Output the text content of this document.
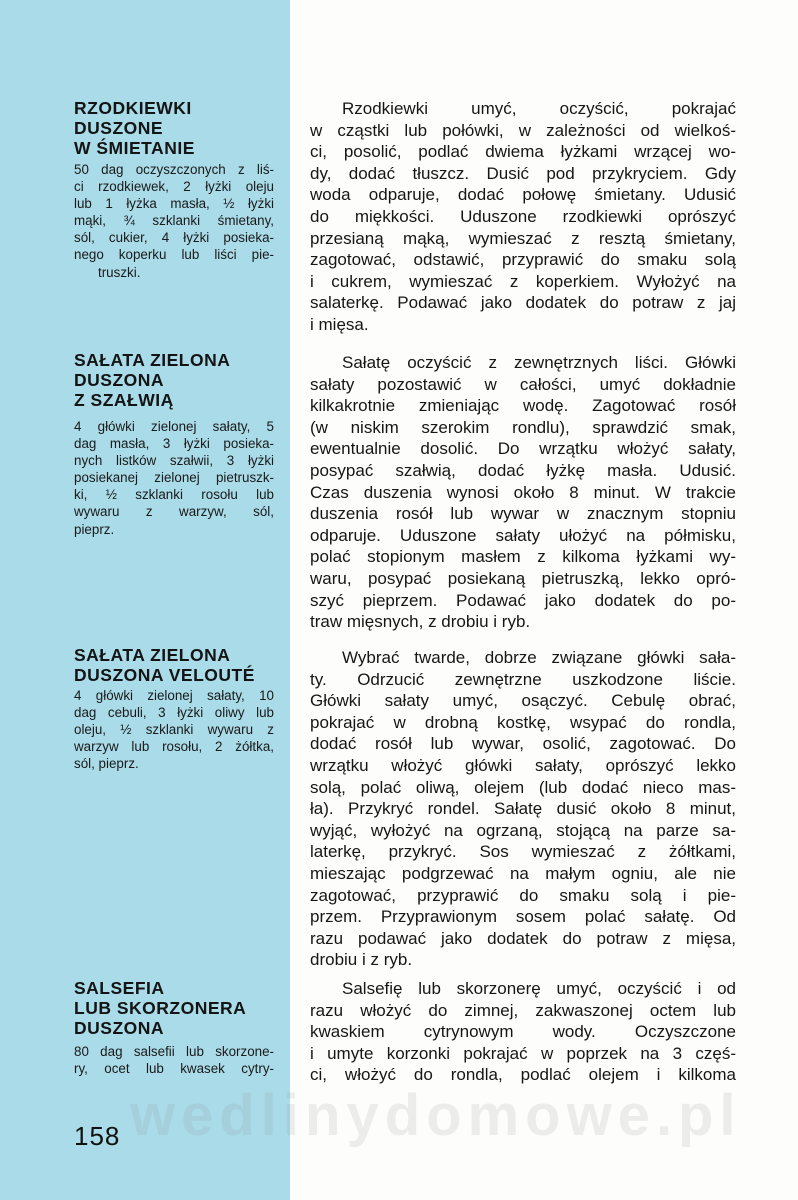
RZODKIEWKI
DUSZONE
W ŚMIETANIE
50 dag oczyszczonych z liś-
ci rzodkiewek, 2 łyżki oleju
lub 1 łyżka masła, ½ łyżki
mąki, ¾ szklanki śmietany,
sól, cukier, 4 łyżki posieka-
nego koperku lub liści pie-
truszki.
Rzodkiewki umyć, oczyścić, pokrajać
w cząstki lub połówki, w zależności od wielkoś-
ci, posolić, podlać dwiema łyżkami wrzącej wo-
dy, dodać tłuszcz. Dusić pod przykryciem. Gdy
woda odparuje, dodać połowę śmietany. Udusić
do miękkości. Uduszone rzodkiewki oprószyć
przesianą mąką, wymieszać z resztą śmietany,
zagotować, odstawić, przyprawić do smaku solą
i cukrem, wymieszać z koperkiem. Wyłożyć na
salaterkę. Podawać jako dodatek do potraw z jaj
i mięsa.
SAŁATA ZIELONA
DUSZONA
Z SZAŁWIĄ
4 główki zielonej sałaty, 5
dag masła, 3 łyżki posieka-
nych listków szałwii, 3 łyżki
posiekanej zielonej pietruszk-
ki, ½ szklanki rosołu lub
wywaru z warzyw, sól,
pieprz.
Sałatę oczyścić z zewnętrznych liści. Główki
sałaty pozostawić w całości, umyć dokładnie
kilkakrotnie zmieniając wodę. Zagotować rosół
(w niskim szerokim rondlu), sprawdzić smak,
ewentualnie dosolić. Do wrzątku włożyć sałaty,
posypać szałwią, dodać łyżkę masła. Udusić.
Czas duszenia wynosi około 8 minut. W trakcie
duszenia rosół lub wywar w znacznym stopniu
odparuje. Uduszone sałaty ułożyć na półmisku,
polać stopionym masłem z kilkoma łyżkami wy-
waru, posypać posiekaną pietruszką, lekko opró-
szyć pieprzem. Podawać jako dodatek do po-
traw mięsnych, z drobiu i ryb.
SAŁATA ZIELONA
DUSZONA VELOUTÉ
4 główki zielonej sałaty, 10
dag cebuli, 3 łyżki oliwy lub
oleju, ½ szklanki wywaru z
warzyw lub rosołu, 2 żółtka,
sól, pieprz.
Wybrać twarde, dobrze związane główki sała-
ty. Odrzucić zewnętrzne uszkodzone liście.
Główki sałaty umyć, osączyć. Cebulę obrać,
pokrajać w drobną kostkę, wsypać do rondla,
dodać rosół lub wywar, osolić, zagotować. Do
wrzątku włożyć główki sałaty, oprószyć lekko
solą, polać oliwą, olejem (lub dodać nieco mas-
ła). Przykryć rondel. Sałatę dusić około 8 minut,
wyjąć, wyłożyć na ogrzaną, stojącą na parze sa-
laterkę, przykryć. Sos wymieszać z żółtkami,
mieszając podgrzewać na małym ogniu, ale nie
zagotować, przyprawić do smaku solą i pie-
przem. Przyprawionym sosem polać sałatę. Od
razu podawać jako dodatek do potraw z mięsa,
drobiu i z ryb.
SALSEFIA
LUB SKORZONERA
DUSZONA
80 dag salsefii lub skorzone-
ry, ocet lub kwasek cytry-
Salsefię lub skorzonerę umyć, oczyścić i od
razu włożyć do zimnej, zakwaszonej octem lub
kwaskiem cytrynowym wody. Oczyszczone
i umyte korzonki pokrajać w poprzek na 3 częś-
ci, włożyć do rondla, podlać olejem i kilkoma
wedlinydomowe.pl
158
